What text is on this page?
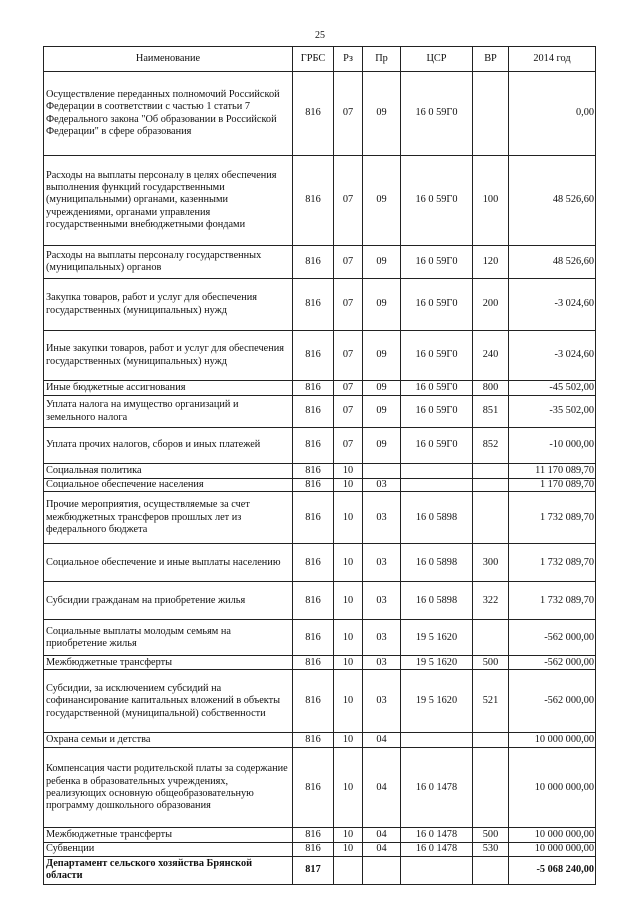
25
Наименование	ГРБС	Рз	Пр	ЦСР	ВР	2014 год
Осуществление переданных полномочий Российской Федерации в соответствии с частью 1 статьи 7 Федерального закона "Об образовании в Российской Федерации" в сфере образования	816	07	09	16 0 59Г0		0,00
Расходы на выплаты персоналу в целях обеспечения выполнения функций государственными (муниципальными) органами, казенными учреждениями, органами управления государственными внебюджетными фондами	816	07	09	16 0 59Г0	100	48 526,60
Расходы на выплаты персоналу государственных (муниципальных) органов	816	07	09	16 0 59Г0	120	48 526,60
Закупка товаров, работ и услуг для обеспечения государственных (муниципальных) нужд	816	07	09	16 0 59Г0	200	-3 024,60
Иные закупки товаров, работ и услуг для обеспечения государственных (муниципальных) нужд	816	07	09	16 0 59Г0	240	-3 024,60
Иные бюджетные ассигнования	816	07	09	16 0 59Г0	800	-45 502,00
Уплата налога на имущество организаций и земельного налога	816	07	09	16 0 59Г0	851	-35 502,00
Уплата прочих налогов, сборов и иных платежей	816	07	09	16 0 59Г0	852	-10 000,00
Социальная политика	816	10				11 170 089,70
Социальное обеспечение населения	816	10	03			1 170 089,70
Прочие мероприятия, осуществляемые за счет межбюджетных трансферов прошлых лет из федерального бюджета	816	10	03	16 0 5898		1 732 089,70
Социальное обеспечение и иные выплаты населению	816	10	03	16 0 5898	300	1 732 089,70
Субсидии гражданам на приобретение жилья	816	10	03	16 0 5898	322	1 732 089,70
Социальные выплаты молодым семьям на приобретение жилья	816	10	03	19 5 1620		-562 000,00
Межбюджетные трансферты	816	10	03	19 5 1620	500	-562 000,00
Субсидии, за исключением субсидий на софинансирование капитальных вложений в объекты государственной (муниципальной) собственности	816	10	03	19 5 1620	521	-562 000,00
Охрана семьи и детства	816	10	04			10 000 000,00
Компенсация части родительской платы за содержание ребенка в образовательных учреждениях, реализующих основную общеобразовательную программу дошкольного образования	816	10	04	16 0 1478		10 000 000,00
Межбюджетные трансферты	816	10	04	16 0 1478	500	10 000 000,00
Субвенции	816	10	04	16 0 1478	530	10 000 000,00
Департамент сельского хозяйства Брянской области	817					-5 068 240,00
